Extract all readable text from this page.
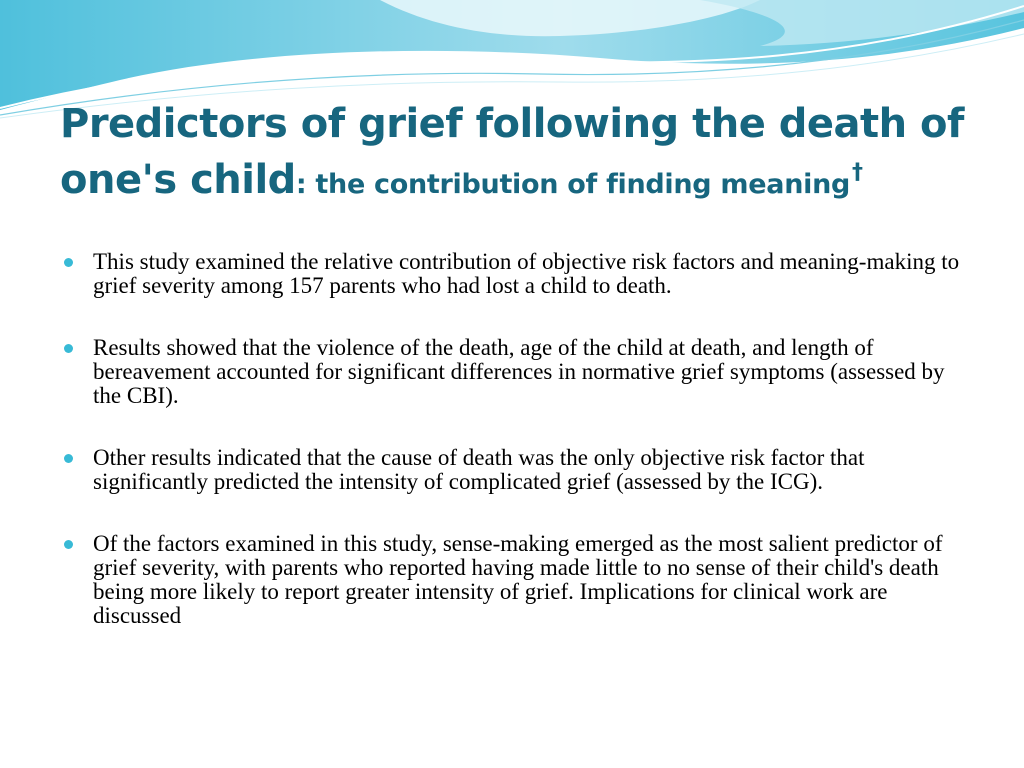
Predictors of grief following the death of one's child: the contribution of finding meaning†
This study examined the relative contribution of objective risk factors and meaning-making to grief severity among 157 parents who had lost a child to death.
Results showed that the violence of the death, age of the child at death, and length of bereavement accounted for significant differences in normative grief symptoms (assessed by the CBI).
Other results indicated that the cause of death was the only objective risk factor that significantly predicted the intensity of complicated grief (assessed by the ICG).
Of the factors examined in this study, sense-making emerged as the most salient predictor of grief severity, with parents who reported having made little to no sense of their child's death being more likely to report greater intensity of grief. Implications for clinical work are discussed
